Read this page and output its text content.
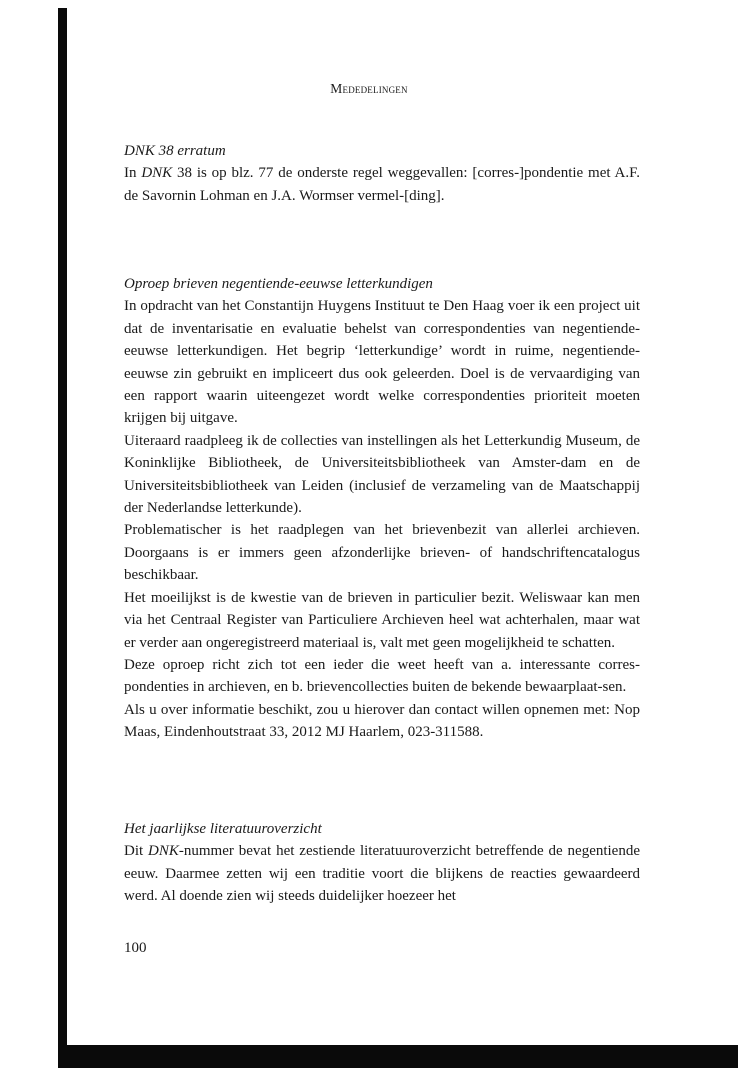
Mededelingen

DNK 38 erratum

In DNK 38 is op blz. 77 de onderste regel weggevallen: [corres-]pondentie met A.F. de Savornin Lohman en J.A. Wormser vermel-[ding].

Oproep brieven negentiende-eeuwse letterkundigen

In opdracht van het Constantijn Huygens Instituut te Den Haag voer ik een project uit dat de inventarisatie en evaluatie behelst van correspondenties van negentiende-eeuwse letterkundigen. Het begrip ‘letterkundige’ wordt in ruime, negentiende-eeuwse zin gebruikt en impliceert dus ook geleerden. Doel is de vervaardiging van een rapport waarin uiteengezet wordt welke correspondenties prioriteit moeten krijgen bij uitgave.

Uiteraard raadpleeg ik de collecties van instellingen als het Letterkundig Museum, de Koninklijke Bibliotheek, de Universiteitsbibliotheek van Amster-dam en de Universiteitsbibliotheek van Leiden (inclusief de verzameling van de Maatschappij der Nederlandse letterkunde).

Problematischer is het raadplegen van het brievenbezit van allerlei archieven. Doorgaans is er immers geen afzonderlijke brieven- of handschriftencatalogus beschikbaar.

Het moeilijkst is de kwestie van de brieven in particulier bezit. Weliswaar kan men via het Centraal Register van Particuliere Archieven heel wat achterhalen, maar wat er verder aan ongeregistreerd materiaal is, valt met geen mogelijkheid te schatten.

Deze oproep richt zich tot een ieder die weet heeft van a. interessante corres-pondenties in archieven, en b. brievencollecties buiten de bekende bewaarplaat-sen.

Als u over informatie beschikt, zou u hierover dan contact willen opnemen met: Nop Maas, Eindenhoutstraat 33, 2012 MJ Haarlem, 023-311588.

Het jaarlijkse literatuuroverzicht

Dit DNK-nummer bevat het zestiende literatuuroverzicht betreffende de negentiende eeuw. Daarmee zetten wij een traditie voort die blijkens de reacties gewaardeerd werd. Al doende zien wij steeds duidelijker hoezeer het

100
